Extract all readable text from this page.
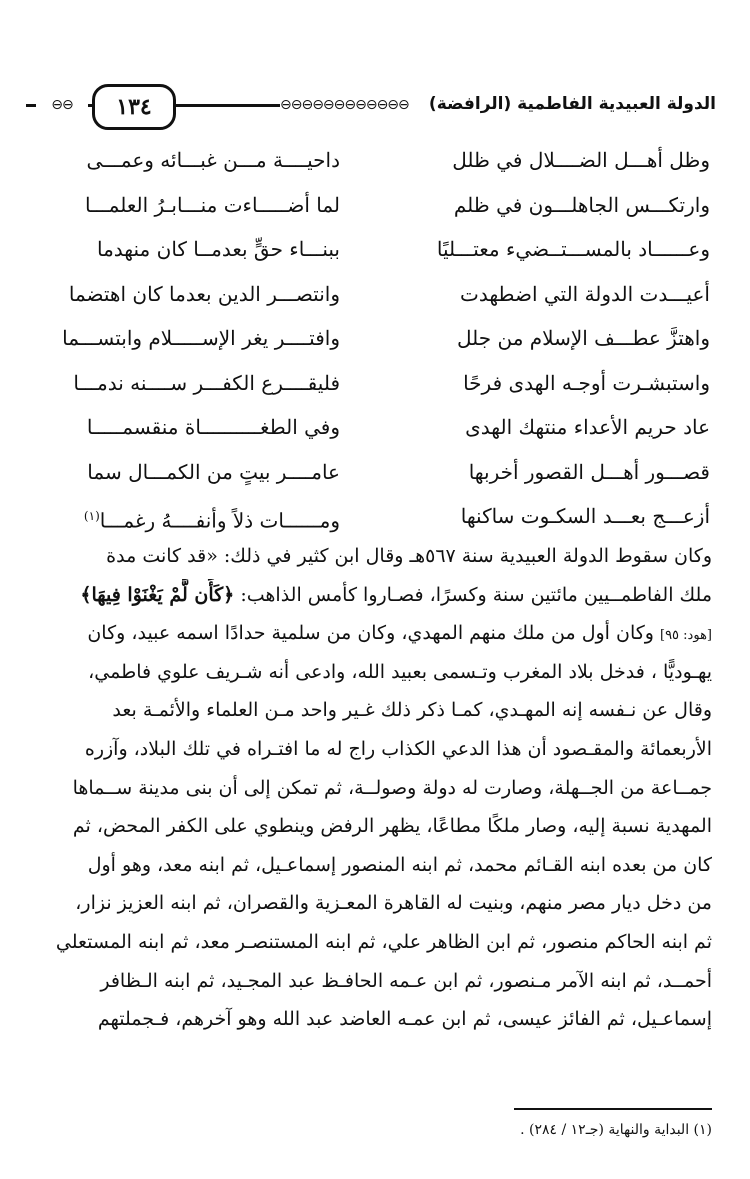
⊖⊖	١٣٤	⊖⊖⊖⊖⊖⊖⊖⊖⊖⊖⊖⊖	الدولة العبيدية الفاطمية (الرافضة)
وظل أهـــل الضــــلال في ظلل
داحيــــة مـــن غبـــائه وعمـــى
وارتكـــس الجاهلـــون في ظلم
لما أضـــــاءت منـــابـرُ العلمـــا
وعــــــاد بالمســـتــضيء معتـــليًا
ببنـــاء حقٍّ بعدمــا كان منهدما
أعيـــدت الدولة التي اضطهدت
وانتصـــر الدين بعدما كان اهتضما
واهتزَّ عطـــف الإسلام من جلل
وافتــــر يغر الإســـــلام وابتســـما
واستبشـرت أوجـه الهدى فرحًا
فليقــــرع الكفـــر ســــنه ندمـــا
عاد حريم الأعداء منتهك الهدى
وفي الطغــــــــــاة منقسمـــــا
قصـــور أهـــل القصور أخربها
عامــــر بيتٍ من الكمـــال سما
أزعـــج بعـــد السكـوت ساكنها
ومــــــات ذلاً وأنفــــهُ رغمـــا$^{(١)}$
وكان سقوط الدولة العبيدية سنة ٥٦٧هـ وقال ابن كثير في ذلك: «قد كانت مدة
ملك الفاطمــيين مائتين سنة وكسرًا، فصـاروا كأمس الذاهب: ﴿كَأَن لَّمْ يَغْنَوْا فِيهَا﴾
[هود: ٩٥] وكان أول من ملك منهم المهدي، وكان من سلمية حدادًا اسمه عبيد، وكان
يهـوديًّا ، فدخل بلاد المغرب وتـسمى بعبيد الله، وادعى أنه شـريف علوي فاطمي،
وقال عن نـفسه إنه المهـدي، كمـا ذكر ذلك غـير واحد مـن العلماء والأئمـة بعد
الأربعمائة والمقـصود أن هذا الدعي الكذاب راج له ما افتـراه في تلك البلاد، وآزره
جمــاعة من الجــهلة، وصارت له دولة وصولــة، ثم تمكن إلى أن بنى مدينة ســماها
المهدية نسبة إليه، وصار ملكًا مطاعًا، يظهر الرفض وينطوي على الكفر المحض، ثم
كان من بعده ابنه القـائم محمد، ثم ابنه المنصور إسماعـيل، ثم ابنه معد، وهو أول
من دخل ديار مصر منهم، وبنيت له القاهرة المعـزية والقصران، ثم ابنه العزيز نزار،
ثم ابنه الحاكم منصور، ثم ابن الظاهر علي، ثم ابنه المستنصـر معد، ثم ابنه المستعلي
أحمــد، ثم ابنه الآمر مـنصور، ثم ابن عـمه الحافـظ عبد المجـيد، ثم ابنه الـظافر
إسماعـيل، ثم الفائز عيسى، ثم ابن عمـه العاضد عبد الله وهو آخرهم، فـجملتهم
(١) البداية والنهاية (جـ١٢ / ٢٨٤) .
